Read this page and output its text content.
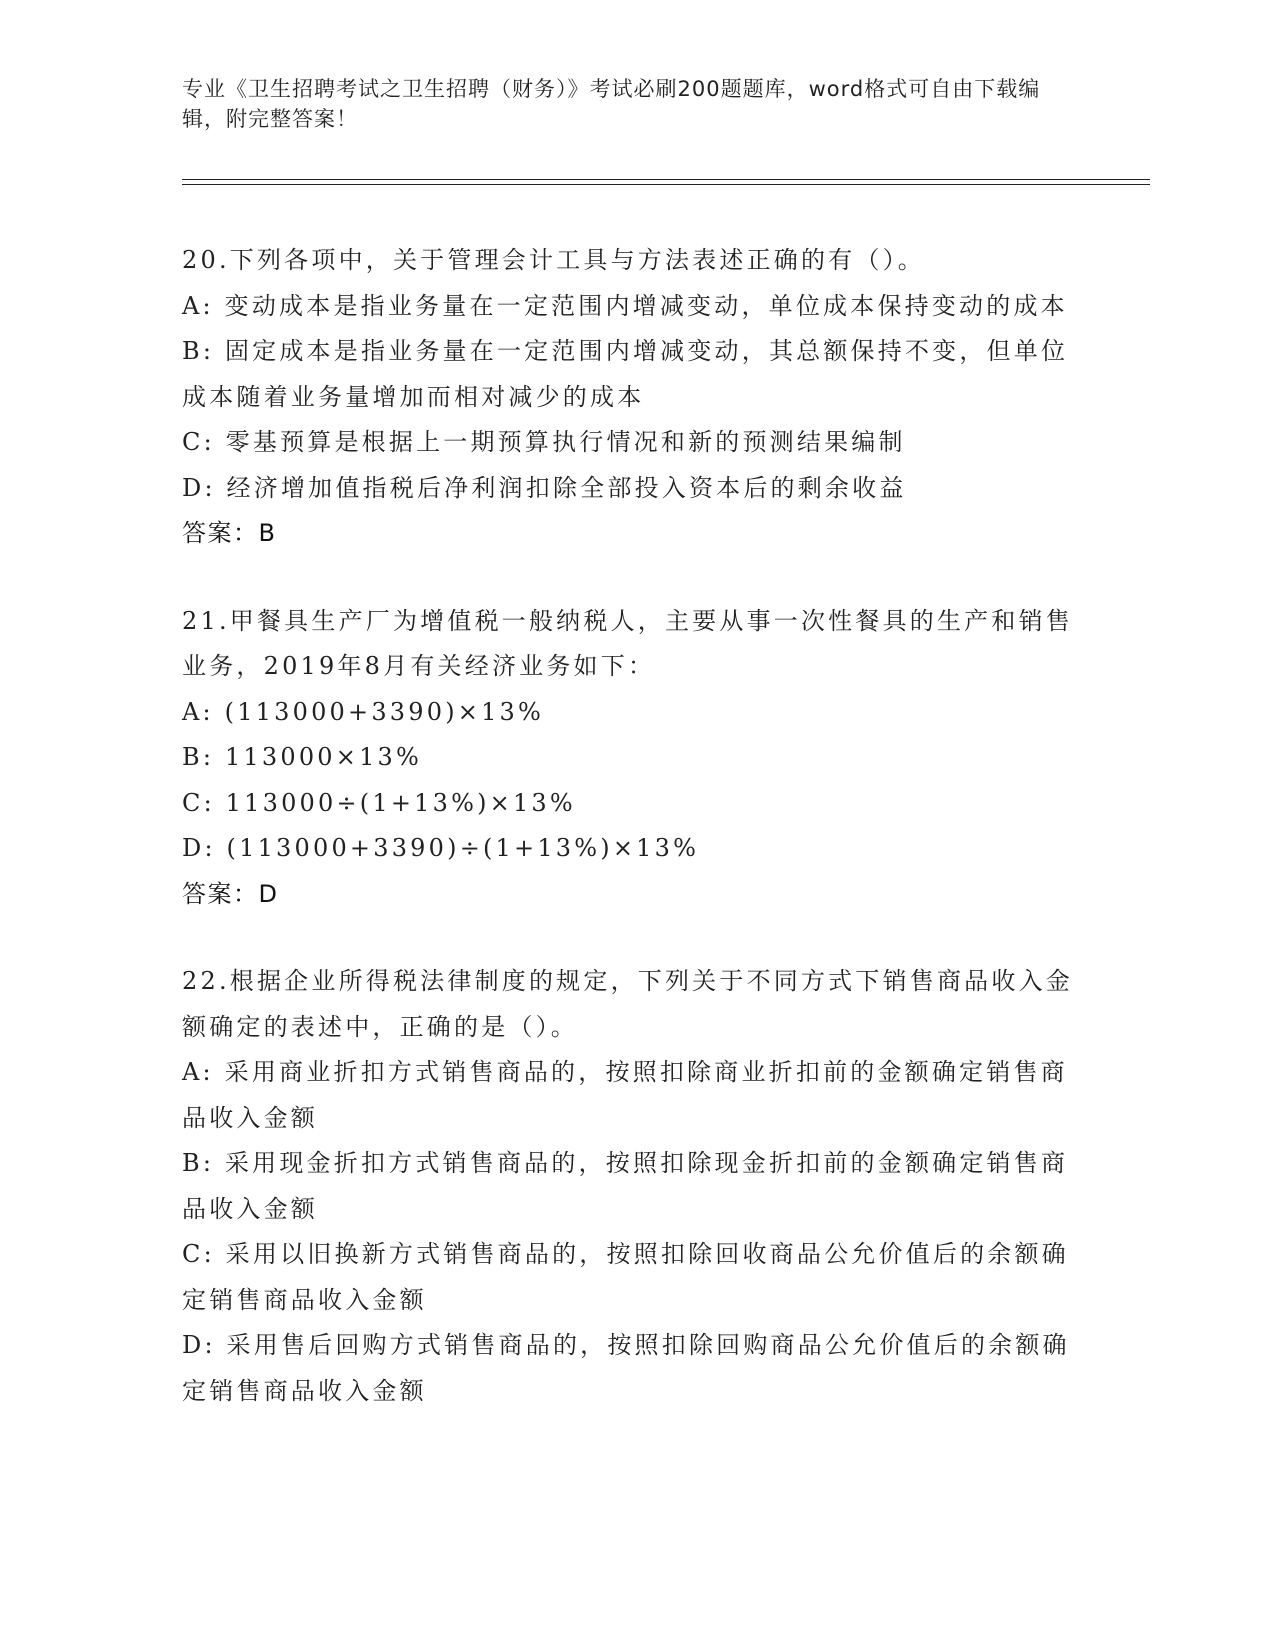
专业《卫生招聘考试之卫生招聘（财务）》考试必刷200题题库，word格式可自由下载编辑，附完整答案！
20.下列各项中，关于管理会计工具与方法表述正确的有（）。
A: 变动成本是指业务量在一定范围内增减变动，单位成本保持变动的成本
B: 固定成本是指业务量在一定范围内增减变动，其总额保持不变，但单位成本随着业务量增加而相对减少的成本
C: 零基预算是根据上一期预算执行情况和新的预测结果编制
D: 经济增加值指税后净利润扣除全部投入资本后的剩余收益
答案：B
21.甲餐具生产厂为增值税一般纳税人，主要从事一次性餐具的生产和销售业务，2019年8月有关经济业务如下：
A: (113000+3390)×13%
B: 113000×13%
C: 113000÷(1+13%)×13%
D: (113000+3390)÷(1+13%)×13%
答案：D
22.根据企业所得税法律制度的规定，下列关于不同方式下销售商品收入金额确定的表述中，正确的是（）。
A: 采用商业折扣方式销售商品的，按照扣除商业折扣前的金额确定销售商品收入金额
B: 采用现金折扣方式销售商品的，按照扣除现金折扣前的金额确定销售商品收入金额
C: 采用以旧换新方式销售商品的，按照扣除回收商品公允价值后的余额确定销售商品收入金额
D: 采用售后回购方式销售商品的，按照扣除回购商品公允价值后的余额确定销售商品收入金额
